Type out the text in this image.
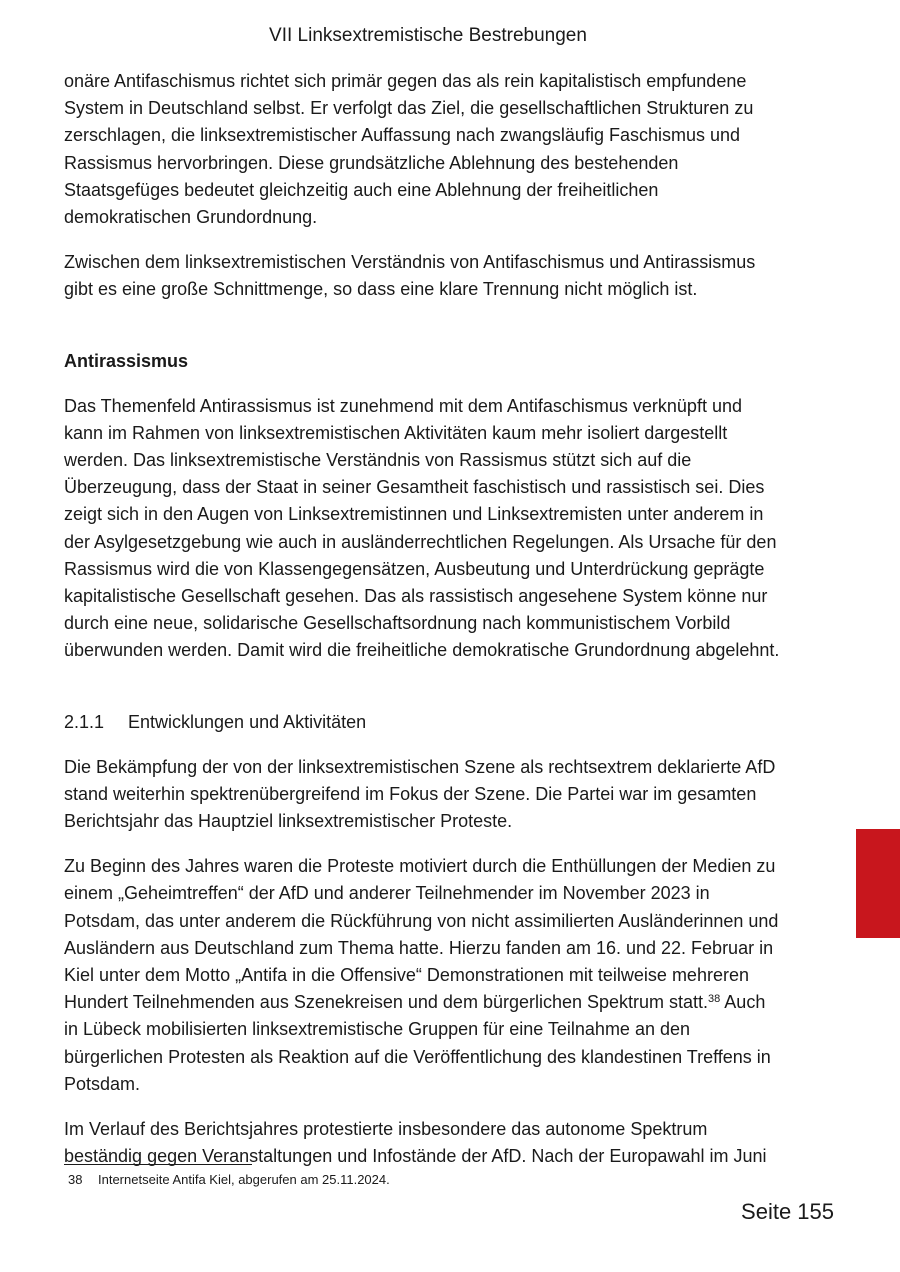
VII Linksextremistische Bestrebungen

onäre Antifaschismus richtet sich primär gegen das als rein kapitalistisch empfundene System in Deutschland selbst. Er verfolgt das Ziel, die gesellschaftlichen Strukturen zu zerschlagen, die linksextremistischer Auffassung nach zwangsläufig Faschismus und Rassismus hervorbringen. Diese grundsätzliche Ablehnung des bestehenden Staatsgefüges bedeutet gleichzeitig auch eine Ablehnung der freiheitlichen demokratischen Grundordnung.

Zwischen dem linksextremistischen Verständnis von Antifaschismus und Antirassismus gibt es eine große Schnittmenge, so dass eine klare Trennung nicht möglich ist.

Antirassismus

Das Themenfeld Antirassismus ist zunehmend mit dem Antifaschismus verknüpft und kann im Rahmen von linksextremistischen Aktivitäten kaum mehr isoliert dargestellt werden. Das linksextremistische Verständnis von Rassismus stützt sich auf die Überzeugung, dass der Staat in seiner Gesamtheit faschistisch und rassistisch sei. Dies zeigt sich in den Augen von Linksextremistinnen und Linksextremisten unter anderem in der Asylgesetzgebung wie auch in ausländerrechtlichen Regelungen. Als Ursache für den Rassismus wird die von Klassengegensätzen, Ausbeutung und Unterdrückung geprägte kapitalistische Gesellschaft gesehen. Das als rassistisch angesehene System könne nur durch eine neue, solidarische Gesellschaftsordnung nach kommunistischem Vorbild überwunden werden. Damit wird die freiheitliche demokratische Grundordnung abgelehnt.

2.1.1 Entwicklungen und Aktivitäten

Die Bekämpfung der von der linksextremistischen Szene als rechtsextrem deklarierte AfD stand weiterhin spektrenübergreifend im Fokus der Szene. Die Partei war im gesamten Berichtsjahr das Hauptziel linksextremistischer Proteste.

Zu Beginn des Jahres waren die Proteste motiviert durch die Enthüllungen der Medien zu einem „Geheimtreffen“ der AfD und anderer Teilnehmender im November 2023 in Potsdam, das unter anderem die Rückführung von nicht assimilierten Ausländerinnen und Ausländern aus Deutschland zum Thema hatte. Hierzu fanden am 16. und 22. Februar in Kiel unter dem Motto „Antifa in die Offensive“ Demonstrationen mit teilweise mehreren Hundert Teilnehmenden aus Szenekreisen und dem bürgerlichen Spektrum statt.$^{38}$ Auch in Lübeck mobilisierten linksextremistische Gruppen für eine Teilnahme an den bürgerlichen Protesten als Reaktion auf die Veröffentlichung des klandestinen Treffens in Potsdam.

Im Verlauf des Berichtsjahres protestierte insbesondere das autonome Spektrum beständig gegen Veranstaltungen und Infostände der AfD. Nach der Europawahl im Juni

38 Internetseite Antifa Kiel, abgerufen am 25.11.2024.
Seite 155
